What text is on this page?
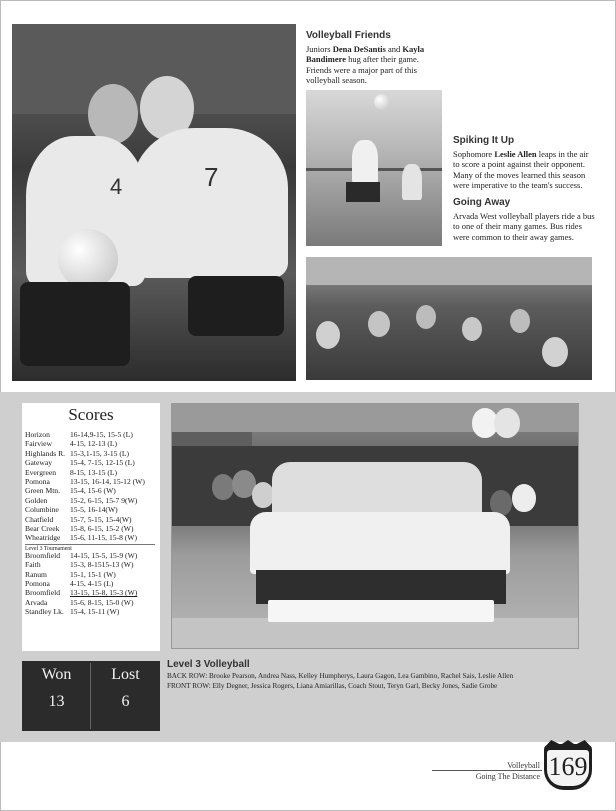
4	7
Volleyball Friends
Juniors Dena DeSantis and Kayla Bandimere hug after their game. Friends were a major part of this volleyball season.
Spiking It Up
Sophomore Leslie Allen leaps in the air to score a point against their opponent. Many of the moves learned this season were imperative to the team's success.
Going Away
Arvada West volleyball players ride a bus to one of their many games. Bus rides were common to their away games.
Scores
Horizon	16-14,9-15, 15-5 (L)
Fairview 4-15, 12-13 (L)
Highlands R. 15-3,1-15, 3-15 (L)
Gateway 15-4, 7-15, 12-15 (L)
Evergreen 8-15, 13-15 (L)
Pomona	13-15, 16-14, 15-12 (W)
Green Mtn. 15-4, 15-6 (W)
Golden	15-2, 6-15, 15-7 9(W)
Columbine 15-5, 16-14(W)
Chatfield 15-7, 5-15, 15-4(W)
Bear Creek 15-8, 6-15, 15-2 (W)
Wheatridge 15-6, 11-15, 15-8 (W)
Level 3 Tournament
Broomfield 14-15, 15-5, 15-9 (W)
Faith	15-3, 8-1515-13 (W)
Ranum	15-1, 15-1 (W)
Pomona	4-15, 4-15 (L)
Broomfield 13-15, 15-8, 15-3 (W)
Arvada	15-6, 8-15, 15-0 (W)
Standley Lk. 15-4, 15-11 (W)
Won	Lost
13	6
Level 3 Volleyball
BACK ROW: Brooke Pearson, Andrea Nass, Kelley Humpherys, Laura Gagon, Lea Gambino, Rachel Sais, Leslie Allen
FRONT ROW: Elly Degner, Jessica Rogers, Liana Amiarillas, Coach Stout, Teryn Garl, Becky Jones, Sadie Grobe
Volleyball
Going The Distance 169
